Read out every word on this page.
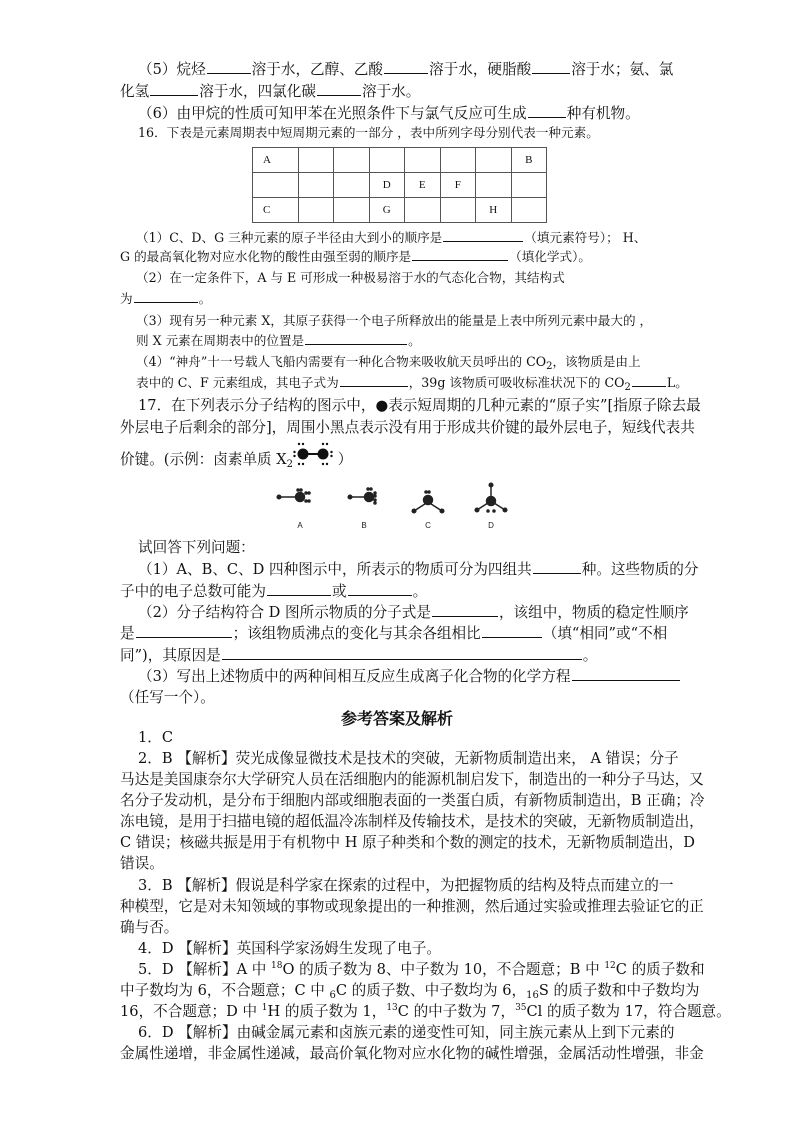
（5）烷烃	溶于水，乙醇、乙酸	溶于水，硬脂酸	溶于水；氨、氯
化氢	溶于水，四氯化碳	溶于水。
（6）由甲烷的性质可知甲苯在光照条件下与氯气反应可生成	种有机物。
16．下表是元素周期表中短周期元素的一部分 ，表中所列字母分别代表一种元素。
A							B
			D	E	F		
C			G			H	
（1）C、D、G 三种元素的原子半径由大到小的顺序是	（填元素符号）； H、
G 的最高氧化物对应水化物的酸性由强至弱的顺序是	（填化学式）。
（2）在一定条件下，A 与 E 可形成一种极易溶于水的气态化合物，其结构式
为	。
（3）现有另一种元素 X，其原子获得一个电子所释放出的能量是上表中所列元素中最大的 ，
则 X 元素在周期表中的位置是	。
（4）“神舟”十一号载人飞船内需要有一种化合物来吸收航天员呼出的 $CO_2$，该物质是由上
表中的 C、F 元素组成，其电子式为	，39g 该物质可吸收标准状况下的 $CO_2$	L。
17．在下列表示分子结构的图示中，●表示短周期的几种元素的“原子实”[指原子除去最
外层电子后剩余的部分]，周围小黑点表示没有用于形成共价键的最外层电子，短线代表共
价键。(示例：卤素单质 $X_2$	）
A	B	C	D
试回答下列问题：
（1）A、B、C、D 四种图示中，所表示的物质可分为四组共	种。这些物质的分
子中的电子总数可能为	或	。
（2）分子结构符合 D 图所示物质的分子式是	，该组中，物质的稳定性顺序
是	；该组物质沸点的变化与其余各组相比	（填“相同”或“不相
同”)，其原因是	。
（3）写出上述物质中的两种间相互反应生成离子化合物的化学方程
（任写一个）。
参考答案及解析
1．C
2．B 【解析】荧光成像显微技术是技术的突破，无新物质制造出来， A 错误；分子
马达是美国康奈尔大学研究人员在活细胞内的能源机制启发下，制造出的一种分子马达，又
名分子发动机，是分布于细胞内部或细胞表面的一类蛋白质，有新物质制造出，B 正确；冷
冻电镜，是用于扫描电镜的超低温冷冻制样及传输技术，是技术的突破，无新物质制造出，
C 错误；核磁共振是用于有机物中 H 原子种类和个数的测定的技术，无新物质制造出，D
错误。
3．B 【解析】假说是科学家在探索的过程中，为把握物质的结构及特点而建立的一
种模型，它是对未知领域的事物或现象提出的一种推测，然后通过实验或推理去验证它的正
确与否。
4．D 【解析】英国科学家汤姆生发现了电子。
5．D 【解析】A 中 $^{18}$O 的质子数为 8、中子数为 10，不合题意；B 中 $^{12}$C 的质子数和
中子数均为 6，不合题意；C 中 $_6$C 的质子数、中子数均为 6，$_{16}$S 的质子数和中子数均为
16，不合题意；D 中 $^1$H 的质子数为 1，$^{13}$C 的中子数为 7，$^{35}$Cl 的质子数为 17，符合题意。
6．D 【解析】由碱金属元素和卤族元素的递变性可知，同主族元素从上到下元素的
金属性递增，非金属性递减，最高价氧化物对应水化物的碱性增强，金属活动性增强，非金
